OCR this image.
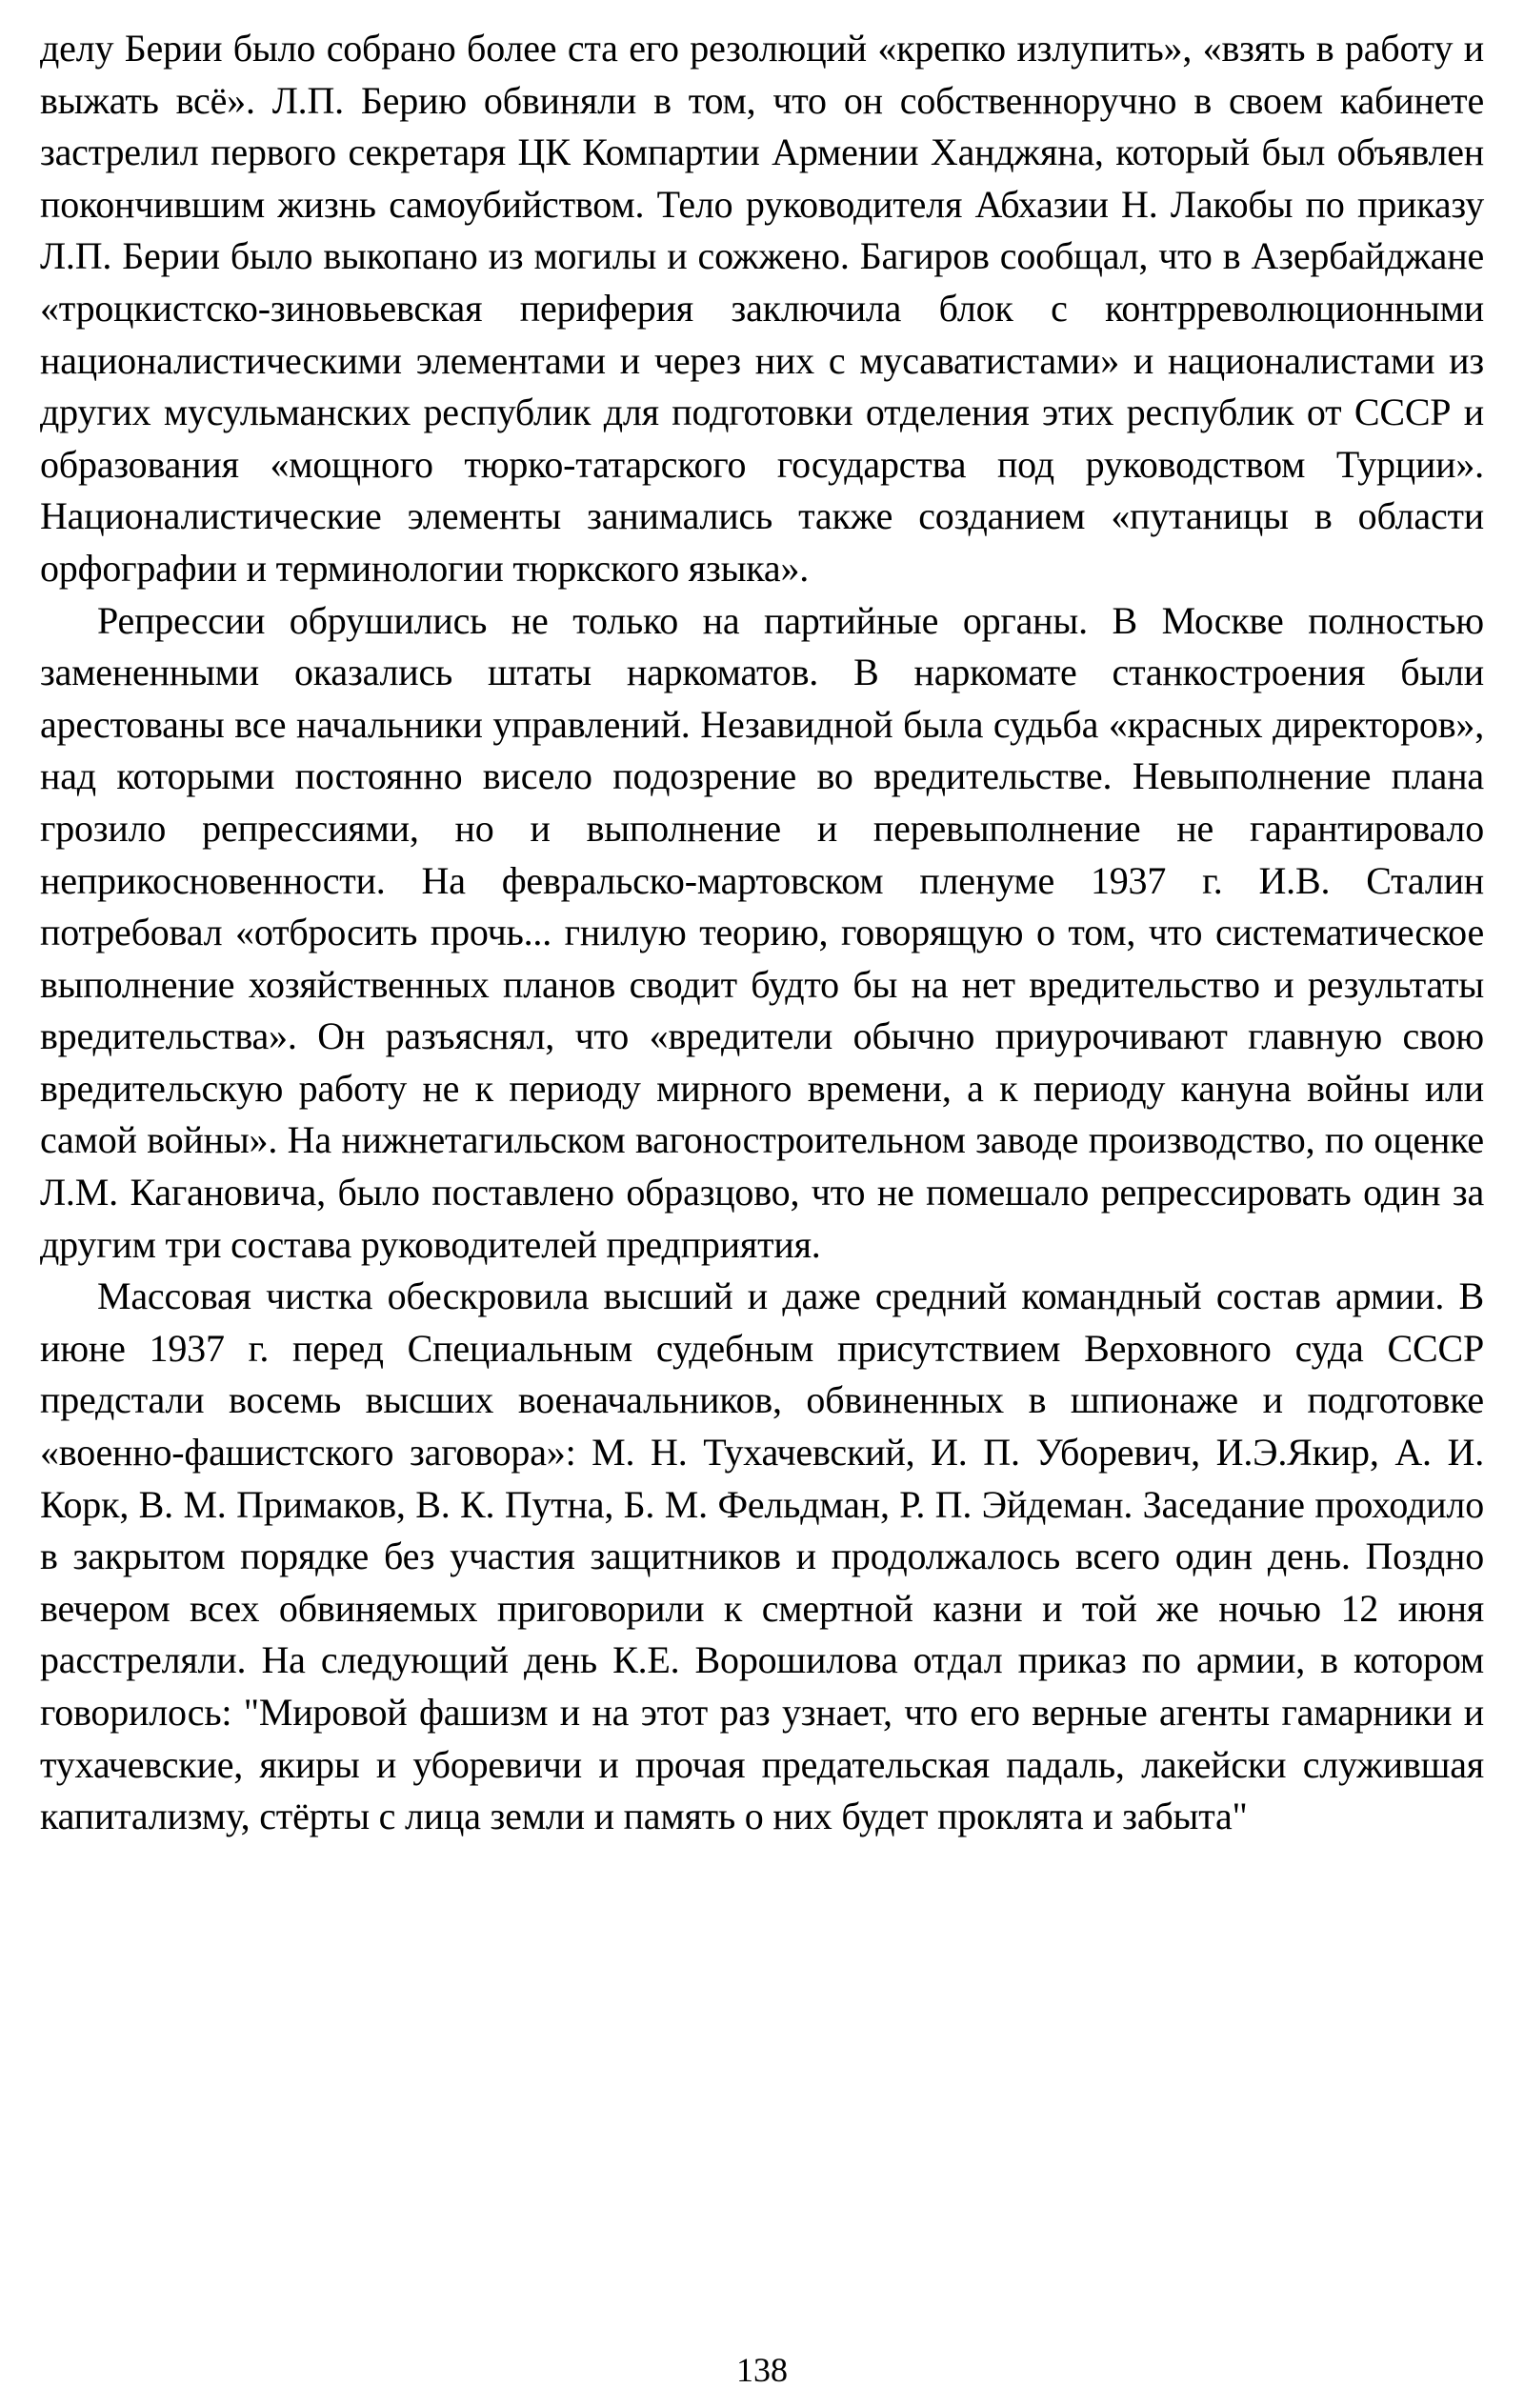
делу Берии было собрано более ста его резолюций «крепко излупить», «взять в работу и выжать всё». Л.П. Берию обвиняли в том, что он собственноручно в своем кабинете застрелил первого секретаря ЦК Компартии Армении Ханджяна, который был объявлен покончившим жизнь самоубийством. Тело руководителя Абхазии Н. Лакобы по приказу Л.П. Берии было выкопано из могилы и сожжено. Багиров сообщал, что в Азербайджане «троцкистско-зиновьевская периферия заключила блок с контрреволюционными националистическими элементами и через них с мусаватистами» и националистами из других мусульманских республик для подготовки отделения этих республик от СССР и образования «мощного тюрко-татарского государства под руководством Турции». Националистические элементы занимались также созданием «путаницы в области орфографии и терминологии тюркского языка».

Репрессии обрушились не только на партийные органы. В Москве полностью замененными оказались штаты наркоматов. В наркомате станкостроения были арестованы все начальники управлений. Незавидной была судьба «красных директоров», над которыми постоянно висело подозрение во вредительстве. Невыполнение плана грозило репрессиями, но и выполнение и перевыполнение не гарантировало неприкосновенности. На февральско-мартовском пленуме 1937 г. И.В. Сталин потребовал «отбросить прочь... гнилую теорию, говорящую о том, что систематическое выполнение хозяйственных планов сводит будто бы на нет вредительство и результаты вредительства». Он разъяснял, что «вредители обычно приурочивают главную свою вредительскую работу не к периоду мирного времени, а к периоду кануна войны или самой войны». На нижнетагильском вагоностроительном заводе производство, по оценке Л.М. Кагановича, было поставлено образцово, что не помешало репрессировать один за другим три состава руководителей предприятия.

Массовая чистка обескровила высший и даже средний командный состав армии. В июне 1937 г. перед Специальным судебным присутствием Верховного суда СССР предстали восемь высших военачальников, обвиненных в шпионаже и подготовке «военно-фашистского заговора»: М. Н. Тухачевский, И. П. Уборевич, И.Э.Якир, А. И. Корк, В. М. Примаков, В. К. Путна, Б. М. Фельдман, Р. П. Эйдеман. Заседание проходило в закрытом порядке без участия защитников и продолжалось всего один день. Поздно вечером всех обвиняемых приговорили к смертной казни и той же ночью 12 июня расстреляли. На следующий день К.Е. Ворошилова отдал приказ по армии, в котором говорилось: "Мировой фашизм и на этот раз узнает, что его верные агенты гамарники и тухачевские, якиры и уборевичи и прочая предательская падаль, лакейски служившая капитализму, стёрты с лица земли и память о них будет проклята и забыта"

138
